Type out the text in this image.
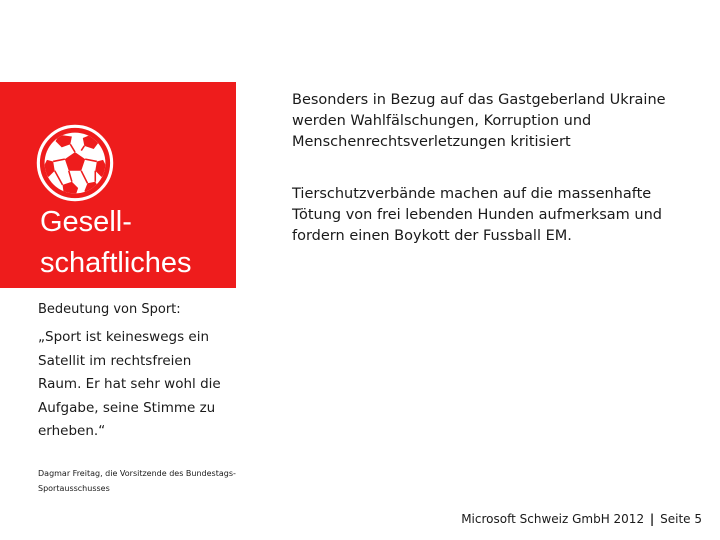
Gesell-schaftliches

Besonders in Bezug auf das Gastgeberland Ukraine werden Wahlfälschungen, Korruption und Menschenrechtsverletzungen kritisiert

Tierschutzverbände machen auf die massenhafte Tötung von frei lebenden Hunden aufmerksam und fordern einen Boykott der Fussball EM.

Bedeutung von Sport:

„Sport ist keineswegs ein Satellit im rechtsfreien Raum. Er hat sehr wohl die Aufgabe, seine Stimme zu erheben.“

Dagmar Freitag, die Vorsitzende des Bundestags-Sportausschusses

Microsoft Schweiz GmbH 2012 | Seite 5
